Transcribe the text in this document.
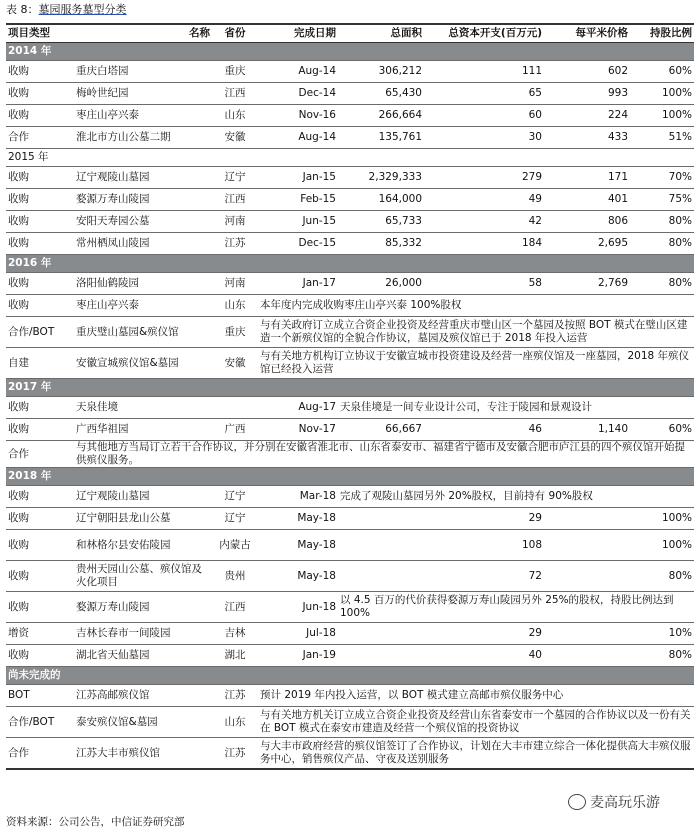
表 8：墓园服务墓型分类
项目类型	名称	省份	完成日期	总面积	总资本开支(百万元)	每平米价格	持股比例
2014 年							
收购	重庆白塔园	重庆	Aug-14	306,212	111	602	60%
收购	梅岭世纪园	江西	Dec-14	65,430	65	993	100%
收购	枣庄山亭兴泰	山东	Nov-16	266,664	60	224	100%
合作	淮北市方山公墓二期	安徽	Aug-14	135,761	30	433	51%
2015 年							
收购	辽宁观陵山墓园	辽宁	Jan-15	2,329,333	279	171	70%
收购	婺源万寿山陵园	江西	Feb-15	164,000	49	401	75%
收购	安阳天寿园公墓	河南	Jun-15	65,733	42	806	80%
收购	常州栖凤山陵园	江苏	Dec-15	85,332	184	2,695	80%
2016 年							
收购	洛阳仙鹤陵园	河南	Jan-17	26,000	58	2,769	80%
收购	枣庄山亭兴泰	山东	本年度内完成收购枣庄山亭兴泰 100%股权				
合作/BOT	重庆璧山墓园&殡仪馆	重庆	与有关政府订立成立合资企业投资及经营重庆市璧山区一个墓园及按照 BOT 模式在璧山区建造一个新殡仪馆的全貌合作协议，墓园及殡仪馆已于 2018 年投入运营				
自建	安徽宣城殡仪馆&墓园	安徽	与有关地方机构订立协议于安徽宣城市投资建设及经营一座殡仪馆及一座墓园，2018 年殡仪馆已经投入运营				
2017 年							
收购	天泉佳境		Aug-17	天泉佳境是一间专业设计公司，专注于陵园和景观设计			
收购	广西华祖园	广西	Nov-17	66,667	46	1,140	60%
合作	与其他地方当局订立若干合作协议，并分别在安徽省淮北市、山东省泰安市、福建省宁德市及安徽合肥市庐江县的四个殡仪馆开始提供殡仪服务。						
2018 年							
收购	辽宁观陵山墓园	辽宁	Mar-18	完成了观陵山墓园另外 20%股权，目前持有 90%股权			
收购	辽宁朝阳县龙山公墓	辽宁	May-18		29		100%
收购	和林格尔县安佑陵园	内蒙古	May-18		108		100%
收购	贵州天园山公墓、殡仪馆及火化项目	贵州	May-18		72		80%
收购	婺源万寿山陵园	江西	Jun-18	以 4.5 百万的代价获得婺源万寿山陵园另外 25%的股权，持股比例达到 100%			
增资	吉林长春市一间陵园	吉林	Jul-18		29		10%
收购	湖北省天仙墓园	湖北	Jan-19		40		80%
尚未完成的							
BOT	江苏高邮殡仪馆	江苏	预计 2019 年内投入运营，以 BOT 模式建立高邮市殡仪服务中心				
合作/BOT	泰安殡仪馆&墓园	山东	与有关地方机关订立成立合资企业投资及经营山东省泰安市一个墓园的合作协议以及一份有关在 BOT 模式在泰安市建造及经营一个殡仪馆的投资协议				
合作	江苏大丰市殡仪馆	江苏	与大丰市政府经营的殡仪馆签订了合作协议，计划在大丰市建立综合一体化提供高大丰殡仪服务中心，销售殡仪产品、守夜及送别服务				
资料来源：公司公告，中信证券研究部
麦高玩乐游
